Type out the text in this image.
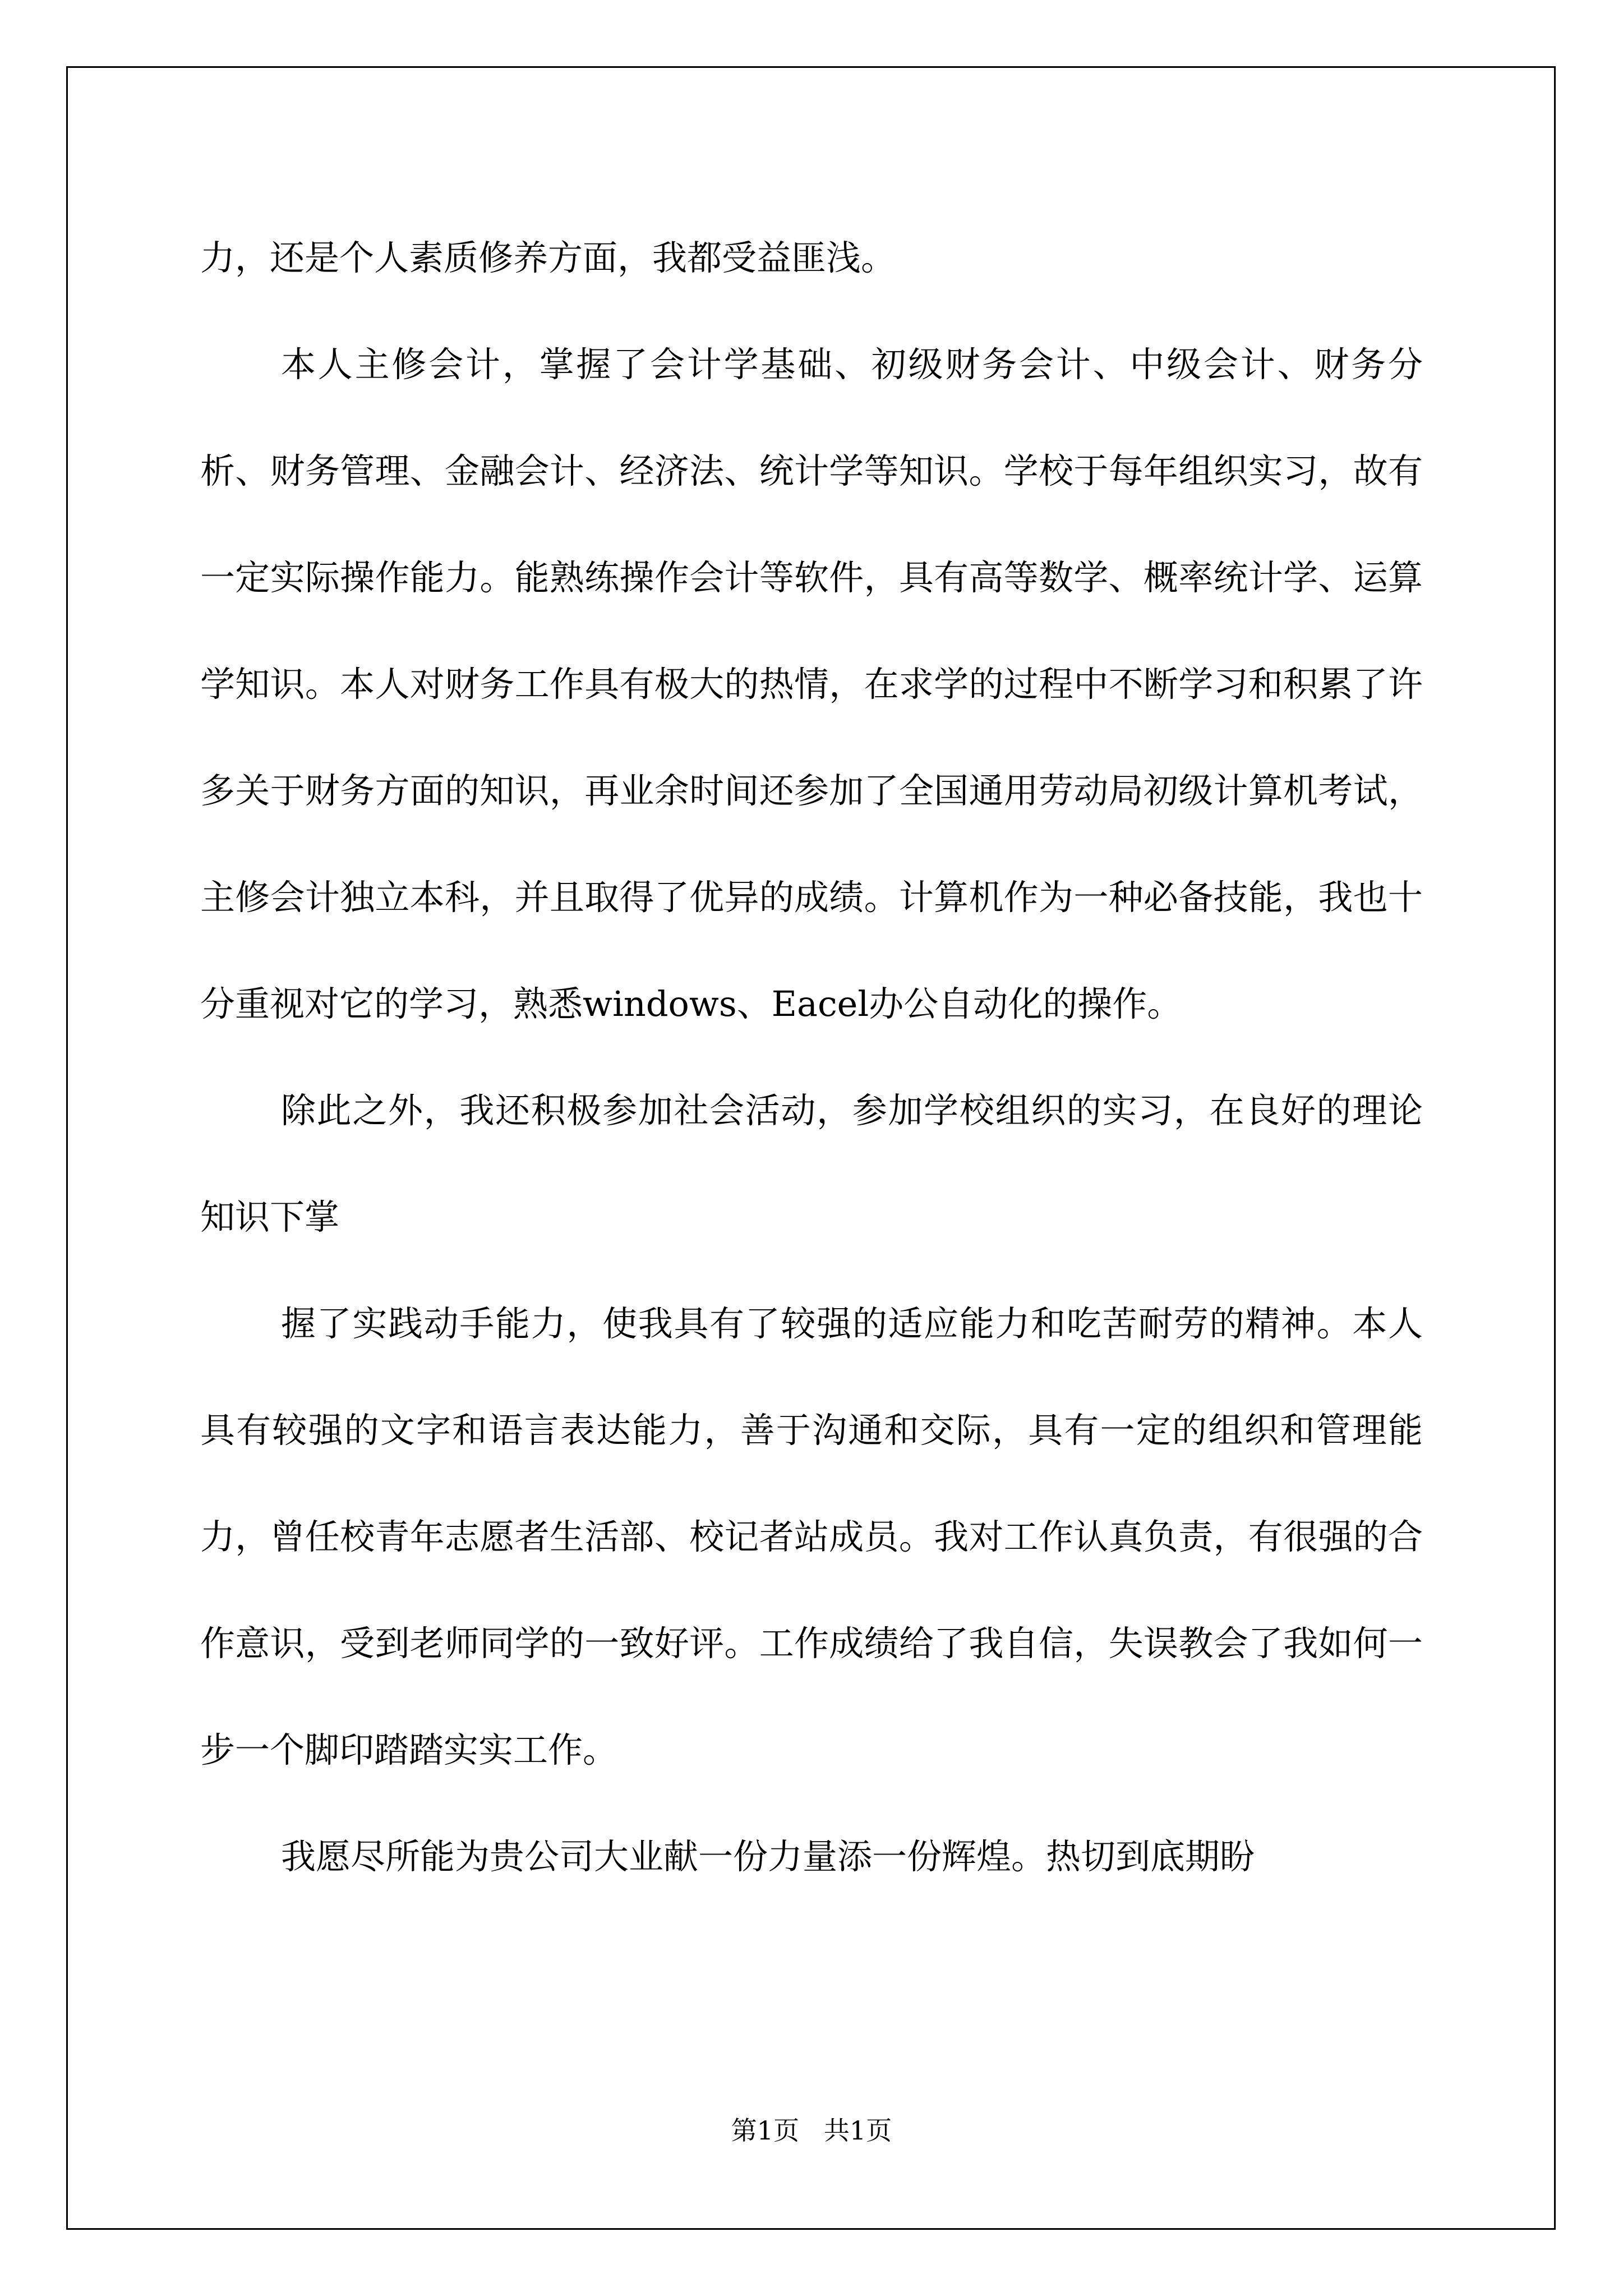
力，还是个人素质修养方面，我都受益匪浅。

本人主修会计，掌握了会计学基础、初级财务会计、中级会计、财务分析、财务管理、金融会计、经济法、统计学等知识。学校于每年组织实习，故有一定实际操作能力。能熟练操作会计等软件，具有高等数学、概率统计学、运算学知识。本人对财务工作具有极大的热情，在求学的过程中不断学习和积累了许多关于财务方面的知识，再业余时间还参加了全国通用劳动局初级计算机考试，主修会计独立本科，并且取得了优异的成绩。计算机作为一种必备技能，我也十分重视对它的学习，熟悉windows、Eacel办公自动化的操作。

除此之外，我还积极参加社会活动，参加学校组织的实习，在良好的理论知识下掌

握了实践动手能力，使我具有了较强的适应能力和吃苦耐劳的精神。本人具有较强的文字和语言表达能力，善于沟通和交际，具有一定的组织和管理能力，曾任校青年志愿者生活部、校记者站成员。我对工作认真负责，有很强的合作意识，受到老师同学的一致好评。工作成绩给了我自信，失误教会了我如何一步一个脚印踏踏实实工作。

我愿尽所能为贵公司大业献一份力量添一份辉煌。热切到底期盼

第1页   共1页
